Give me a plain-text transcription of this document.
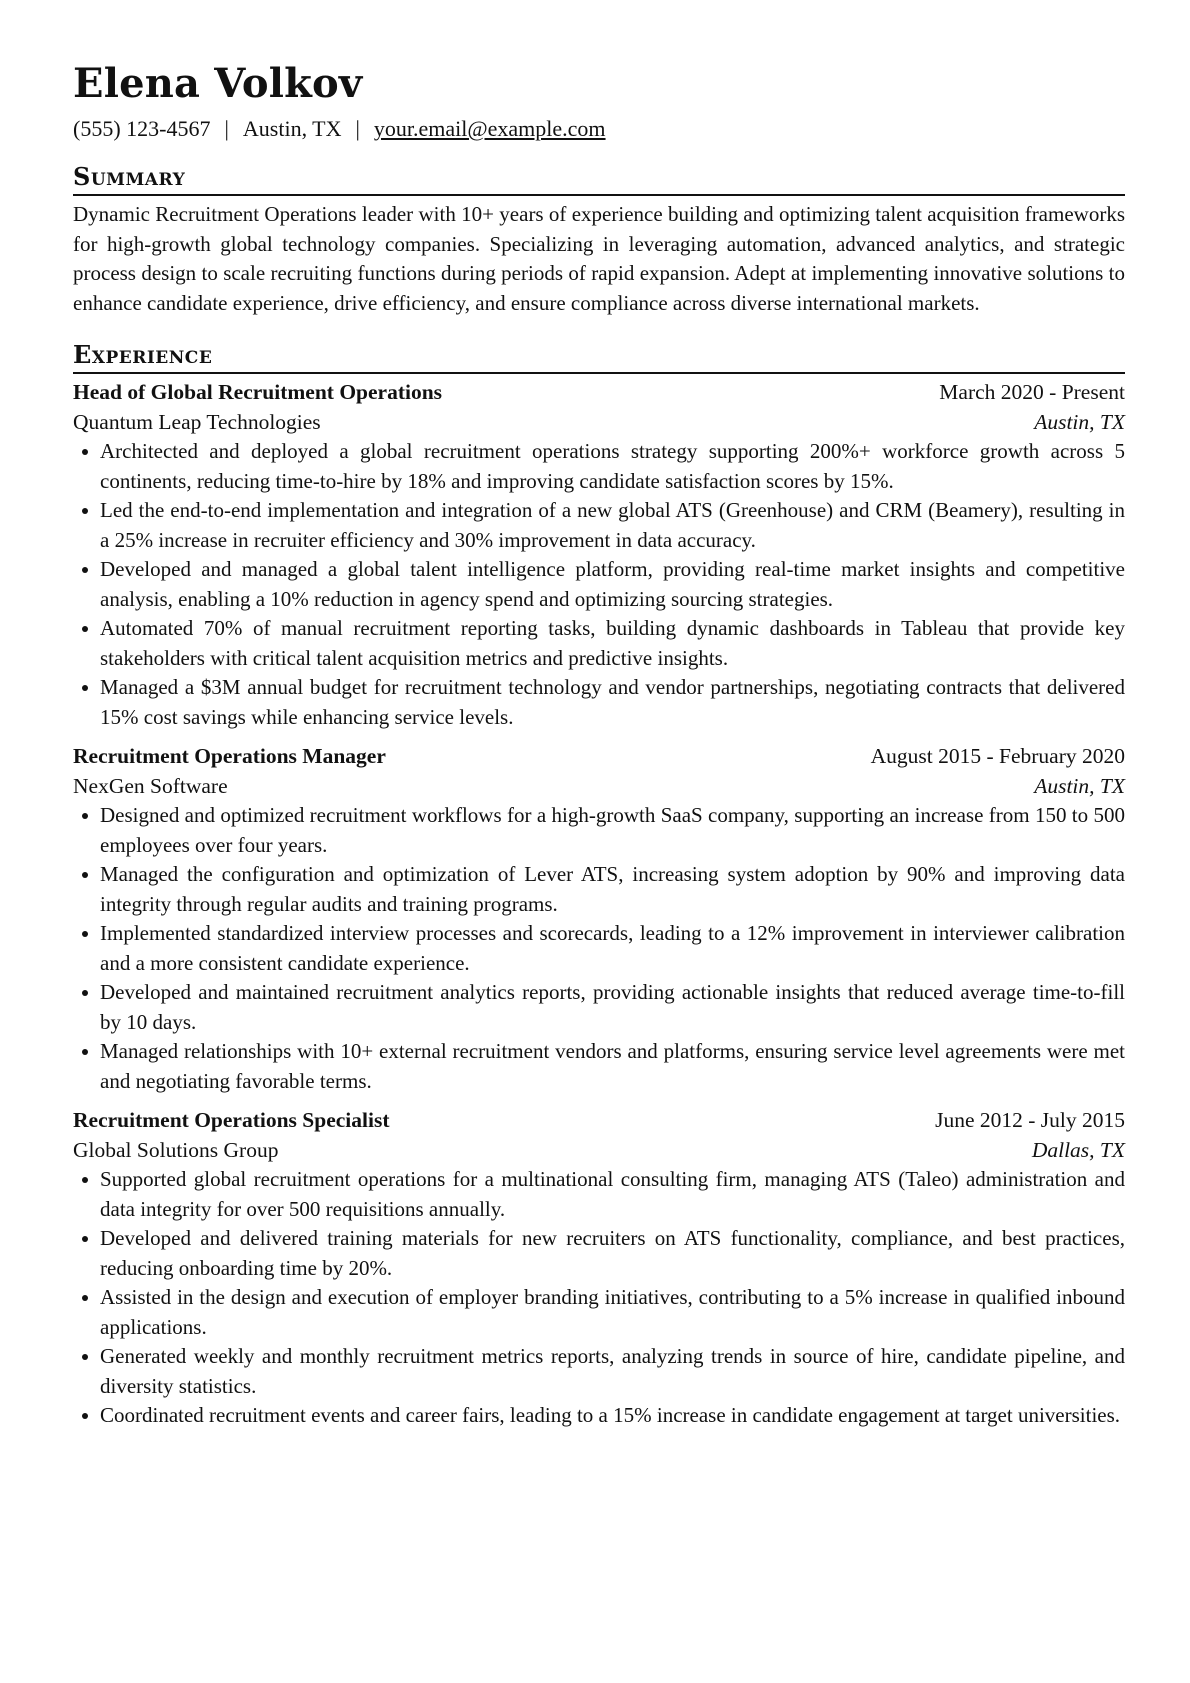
Elena Volkov
(555) 123-4567 | Austin, TX | your.email@example.com
Summary

Dynamic Recruitment Operations leader with 10+ years of experience building and optimizing talent acquisition frameworks for high-growth global technology companies. Specializing in leveraging automation, advanced analytics, and strategic process design to scale recruiting functions during periods of rapid expansion. Adept at implementing innovative solutions to enhance candidate experience, drive efficiency, and ensure compliance across diverse international markets.

Experience
Head of Global Recruitment Operations	March 2020 - Present
Quantum Leap Technologies	Austin, TX
Architected and deployed a global recruitment operations strategy supporting 200%+ workforce growth across 5 continents, reducing time-to-hire by 18% and improving candidate satisfaction scores by 15%.
Led the end-to-end implementation and integration of a new global ATS (Greenhouse) and CRM (Beamery), resulting in a 25% increase in recruiter efficiency and 30% improvement in data accuracy.
Developed and managed a global talent intelligence platform, providing real-time market insights and competitive analysis, enabling a 10% reduction in agency spend and optimizing sourcing strategies.
Automated 70% of manual recruitment reporting tasks, building dynamic dashboards in Tableau that provide key stakeholders with critical talent acquisition metrics and predictive insights.
Managed a $3M annual budget for recruitment technology and vendor partnerships, negotiating contracts that delivered 15% cost savings while enhancing service levels.
Recruitment Operations Manager	August 2015 - February 2020
NexGen Software	Austin, TX
Designed and optimized recruitment workflows for a high-growth SaaS company, supporting an increase from 150 to 500 employees over four years.
Managed the configuration and optimization of Lever ATS, increasing system adoption by 90% and improving data integrity through regular audits and training programs.
Implemented standardized interview processes and scorecards, leading to a 12% improvement in interviewer calibration and a more consistent candidate experience.
Developed and maintained recruitment analytics reports, providing actionable insights that reduced average time-to-fill by 10 days.
Managed relationships with 10+ external recruitment vendors and platforms, ensuring service level agreements were met and negotiating favorable terms.
Recruitment Operations Specialist	June 2012 - July 2015
Global Solutions Group	Dallas, TX
Supported global recruitment operations for a multinational consulting firm, managing ATS (Taleo) administration and data integrity for over 500 requisitions annually.
Developed and delivered training materials for new recruiters on ATS functionality, compliance, and best practices, reducing onboarding time by 20%.
Assisted in the design and execution of employer branding initiatives, contributing to a 5% increase in qualified inbound applications.
Generated weekly and monthly recruitment metrics reports, analyzing trends in source of hire, candidate pipeline, and diversity statistics.
Coordinated recruitment events and career fairs, leading to a 15% increase in candidate engagement at target universities.
